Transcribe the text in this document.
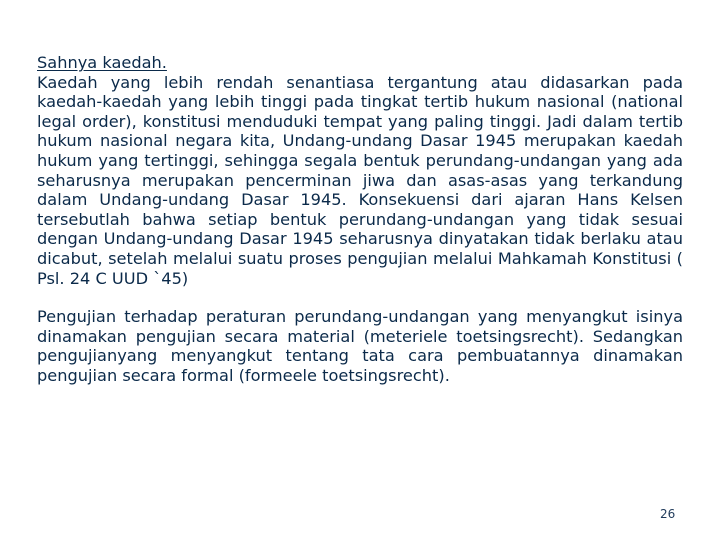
Sahnya kaedah.
Kaedah yang lebih rendah senantiasa tergantung atau didasarkan pada kaedah-kaedah yang lebih tinggi pada tingkat tertib hukum nasional (national legal order), konstitusi menduduki tempat yang paling tinggi. Jadi dalam tertib hukum nasional negara kita, Undang-undang Dasar 1945 merupakan kaedah hukum yang tertinggi, sehingga segala bentuk perundang-undangan yang ada seharusnya merupakan pencerminan jiwa dan asas-asas yang terkandung dalam Undang-undang Dasar 1945. Konsekuensi dari ajaran Hans Kelsen tersebutlah bahwa setiap bentuk perundang-undangan yang tidak sesuai dengan Undang-undang Dasar 1945 seharusnya dinyatakan tidak berlaku atau dicabut, setelah melalui suatu proses pengujian melalui Mahkamah Konstitusi ( Psl. 24 C UUD `45)
Pengujian terhadap peraturan perundang-undangan yang menyangkut isinya dinamakan pengujian secara material (meteriele toetsingsrecht). Sedangkan pengujianyang menyangkut tentang tata cara pembuatannya dinamakan pengujian secara formal (formeele toetsingsrecht).
26
